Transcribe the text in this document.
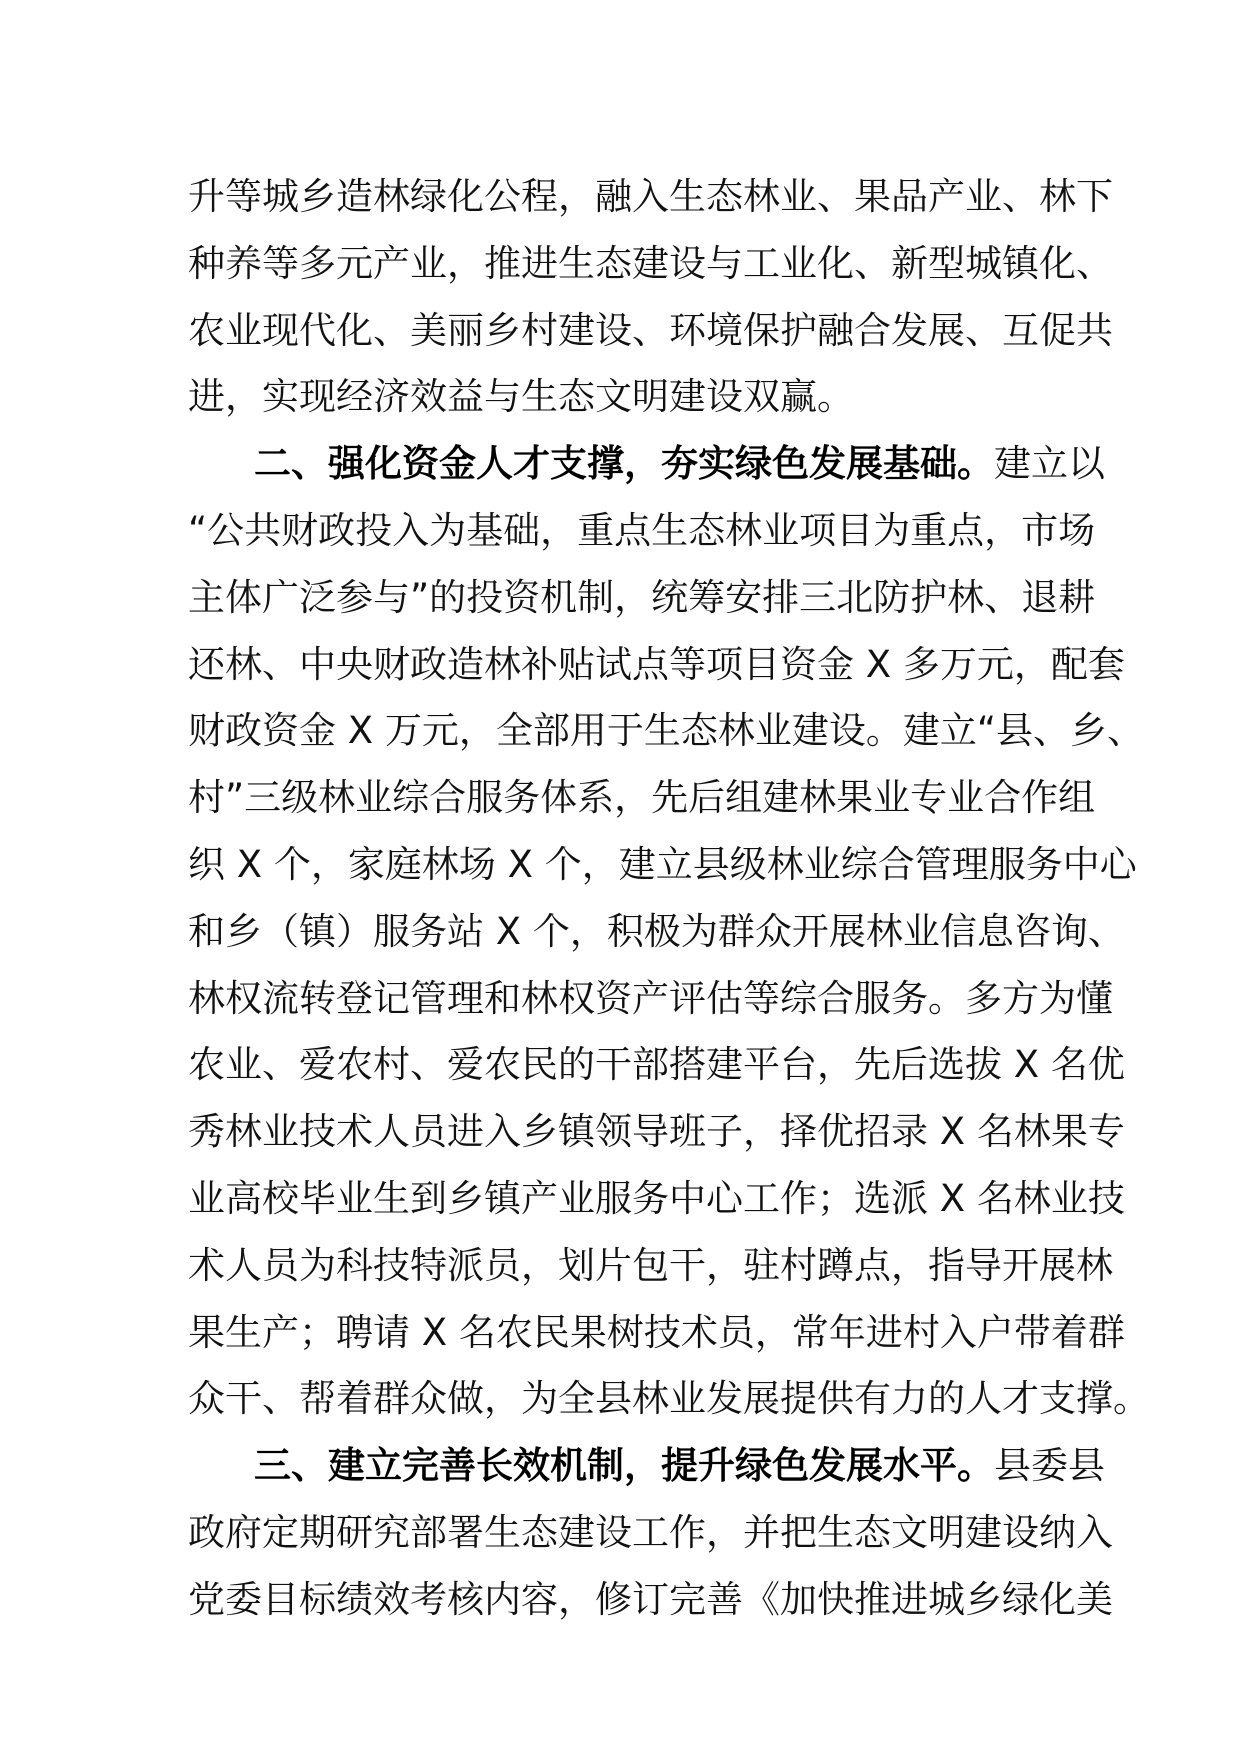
升等城乡造林绿化公程，融入生态林业、果品产业、林下
种养等多元产业，推进生态建设与工业化、新型城镇化、
农业现代化、美丽乡村建设、环境保护融合发展、互促共
进，实现经济效益与生态文明建设双赢。
二、强化资金人才支撑，夯实绿色发展基础。建立以
“公共财政投入为基础，重点生态林业项目为重点，市场
主体广泛参与”的投资机制，统筹安排三北防护林、退耕
还林、中央财政造林补贴试点等项目资金 X 多万元，配套
财政资金 X 万元，全部用于生态林业建设。建立“县、乡、
村”三级林业综合服务体系，先后组建林果业专业合作组
织 X 个，家庭林场 X 个，建立县级林业综合管理服务中心
和乡（镇）服务站 X 个，积极为群众开展林业信息咨询、
林权流转登记管理和林权资产评估等综合服务。多方为懂
农业、爱农村、爱农民的干部搭建平台，先后选拔 X 名优
秀林业技术人员进入乡镇领导班子，择优招录 X 名林果专
业高校毕业生到乡镇产业服务中心工作；选派 X 名林业技
术人员为科技特派员，划片包干，驻村蹲点，指导开展林
果生产；聘请 X 名农民果树技术员，常年进村入户带着群
众干、帮着群众做，为全县林业发展提供有力的人才支撑。
三、建立完善长效机制，提升绿色发展水平。县委县
政府定期研究部署生态建设工作，并把生态文明建设纳入
党委目标绩效考核内容，修订完善《加快推进城乡绿化美
